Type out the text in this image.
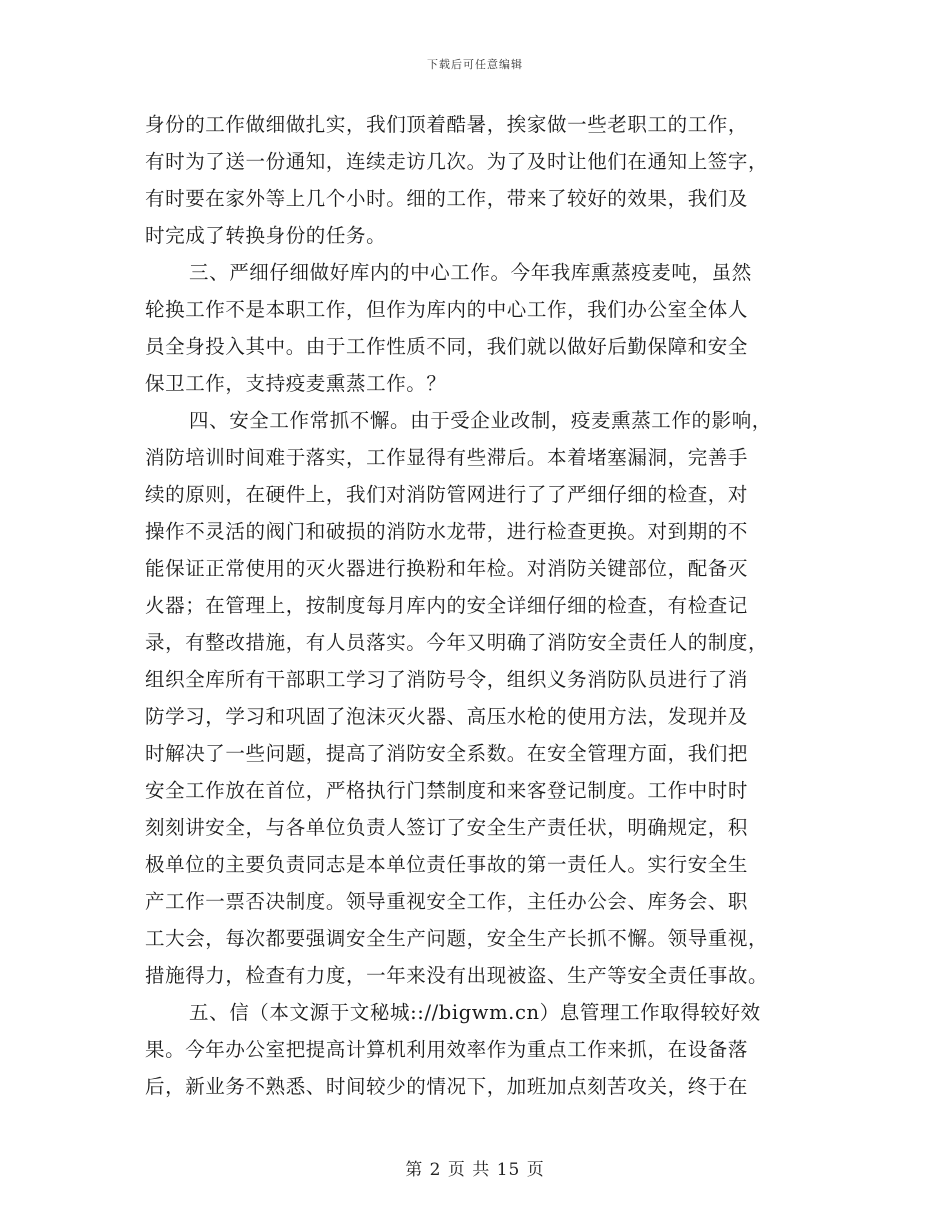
下载后可任意编辑
身份的工作做细做扎实，我们顶着酷暑，挨家做一些老职工的工作，
有时为了送一份通知，连续走访几次。为了及时让他们在通知上签字，
有时要在家外等上几个小时。细的工作，带来了较好的效果，我们及
时完成了转换身份的任务。
三、严细仔细做好库内的中心工作。今年我库熏蒸疫麦吨，虽然
轮换工作不是本职工作，但作为库内的中心工作，我们办公室全体人
员全身投入其中。由于工作性质不同，我们就以做好后勤保障和安全
保卫工作，支持疫麦熏蒸工作。？
四、安全工作常抓不懈。由于受企业改制，疫麦熏蒸工作的影响，
消防培训时间难于落实，工作显得有些滞后。本着堵塞漏洞，完善手
续的原则，在硬件上，我们对消防管网进行了了严细仔细的检查，对
操作不灵活的阀门和破损的消防水龙带，进行检查更换。对到期的不
能保证正常使用的灭火器进行换粉和年检。对消防关键部位，配备灭
火器；在管理上，按制度每月库内的安全详细仔细的检查，有检查记
录，有整改措施，有人员落实。今年又明确了消防安全责任人的制度，
组织全库所有干部职工学习了消防号令，组织义务消防队员进行了消
防学习，学习和巩固了泡沫灭火器、高压水枪的使用方法，发现并及
时解决了一些问题，提高了消防安全系数。在安全管理方面，我们把
安全工作放在首位，严格执行门禁制度和来客登记制度。工作中时时
刻刻讲安全，与各单位负责人签订了安全生产责任状，明确规定，积
极单位的主要负责同志是本单位责任事故的第一责任人。实行安全生
产工作一票否决制度。领导重视安全工作，主任办公会、库务会、职
工大会，每次都要强调安全生产问题，安全生产长抓不懈。领导重视，
措施得力，检查有力度，一年来没有出现被盗、生产等安全责任事故。
五、信（本文源于文秘城:://bigwm.cn）息管理工作取得较好效
果。今年办公室把提高计算机利用效率作为重点工作来抓，在设备落
后，新业务不熟悉、时间较少的情况下，加班加点刻苦攻关，终于在
第 2 页 共 15 页
